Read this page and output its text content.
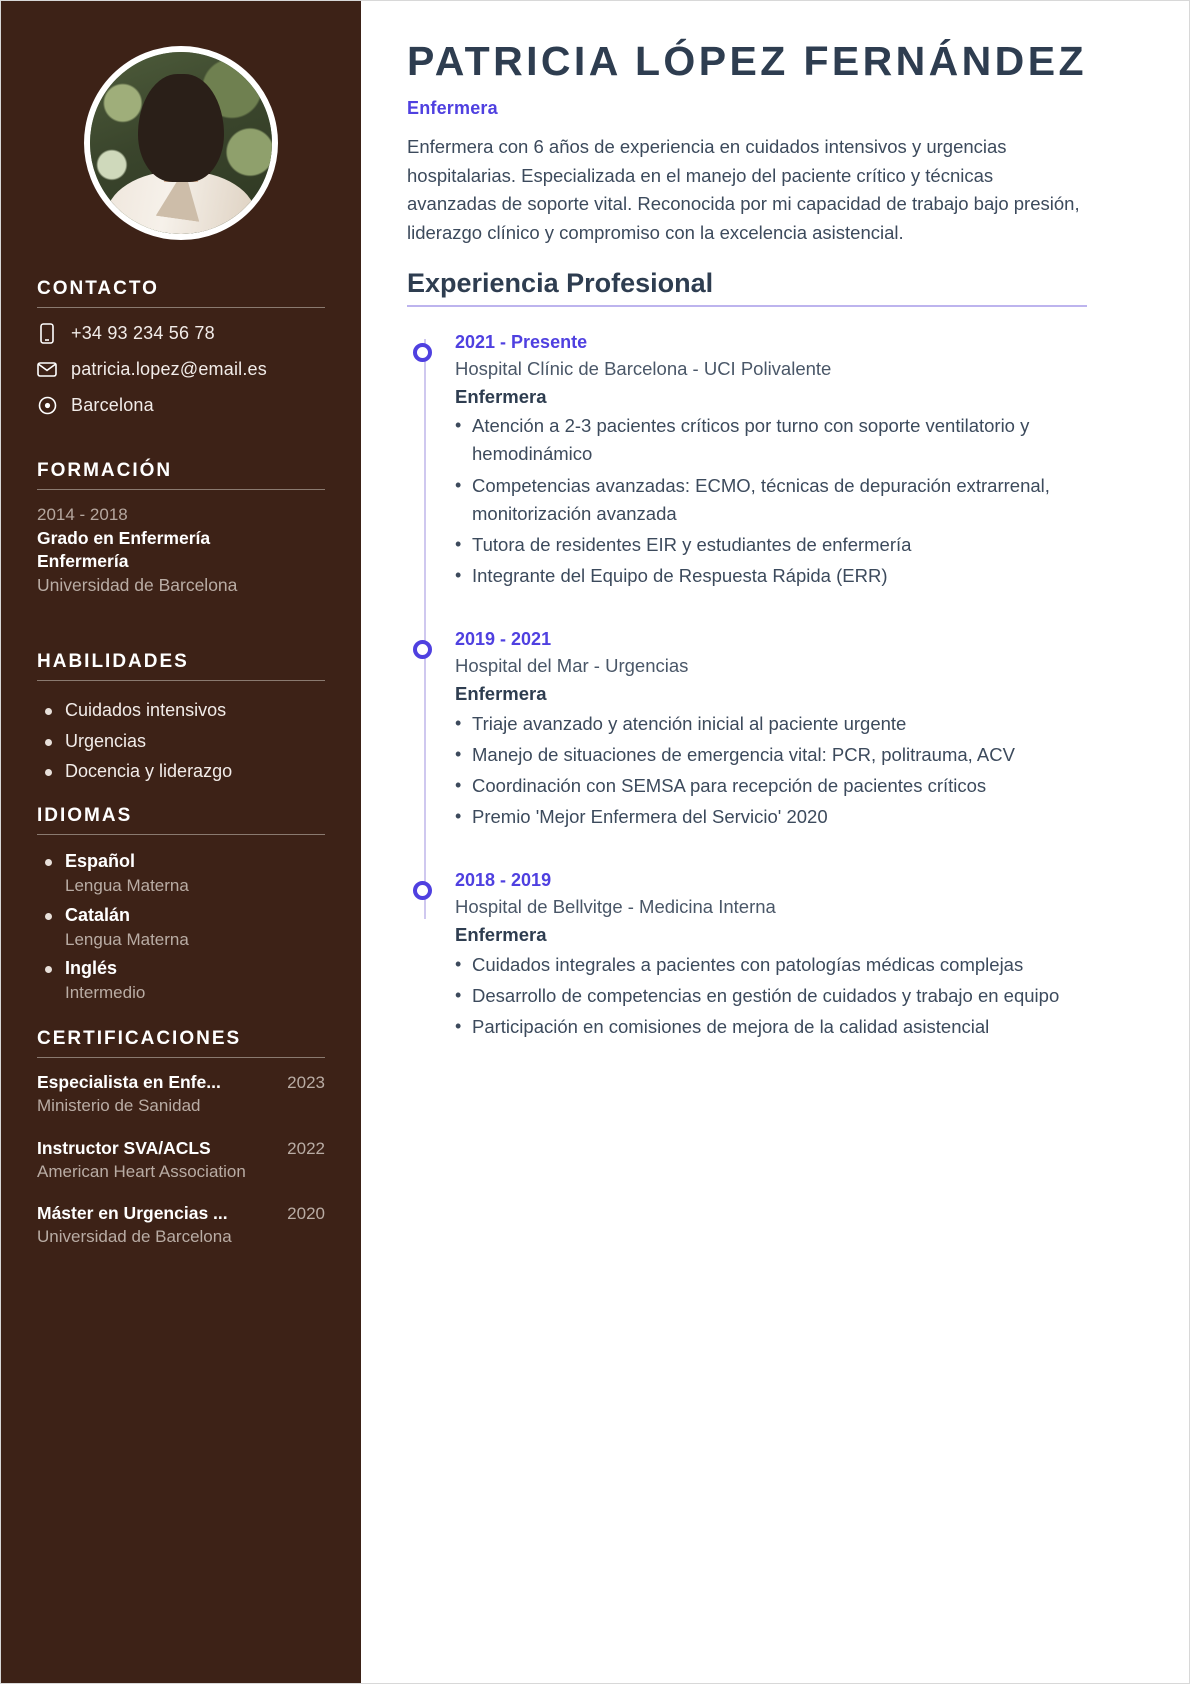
CONTACTO
+34 93 234 56 78
patricia.lopez@email.es
Barcelona
FORMACIÓN
2014 - 2018
Grado en Enfermería
Enfermería
Universidad de Barcelona
HABILIDADES
Cuidados intensivos
Urgencias
Docencia y liderazgo
IDIOMAS
Español
Lengua Materna
Catalán
Lengua Materna
Inglés
Intermedio
CERTIFICACIONES
Especialista en Enfe...	2023
Ministerio de Sanidad
Instructor SVA/ACLS	2022
American Heart Association
Máster en Urgencias ...	2020
Universidad de Barcelona
PATRICIA LÓPEZ FERNÁNDEZ
Enfermera

Enfermera con 6 años de experiencia en cuidados intensivos y urgencias hospitalarias. Especializada en el manejo del paciente crítico y técnicas avanzadas de soporte vital. Reconocida por mi capacidad de trabajo bajo presión, liderazgo clínico y compromiso con la excelencia asistencial.

Experiencia Profesional
2021 - Presente
Hospital Clínic de Barcelona - UCI Polivalente
Enfermera
• Atención a 2-3 pacientes críticos por turno con soporte ventilatorio y hemodinámico
• Competencias avanzadas: ECMO, técnicas de depuración extrarrenal, monitorización avanzada
• Tutora de residentes EIR y estudiantes de enfermería
• Integrante del Equipo de Respuesta Rápida (ERR)
2019 - 2021
Hospital del Mar - Urgencias
Enfermera
• Triaje avanzado y atención inicial al paciente urgente
• Manejo de situaciones de emergencia vital: PCR, politrauma, ACV
• Coordinación con SEMSA para recepción de pacientes críticos
• Premio 'Mejor Enfermera del Servicio' 2020
2018 - 2019
Hospital de Bellvitge - Medicina Interna
Enfermera
• Cuidados integrales a pacientes con patologías médicas complejas
• Desarrollo de competencias en gestión de cuidados y trabajo en equipo
• Participación en comisiones de mejora de la calidad asistencial
